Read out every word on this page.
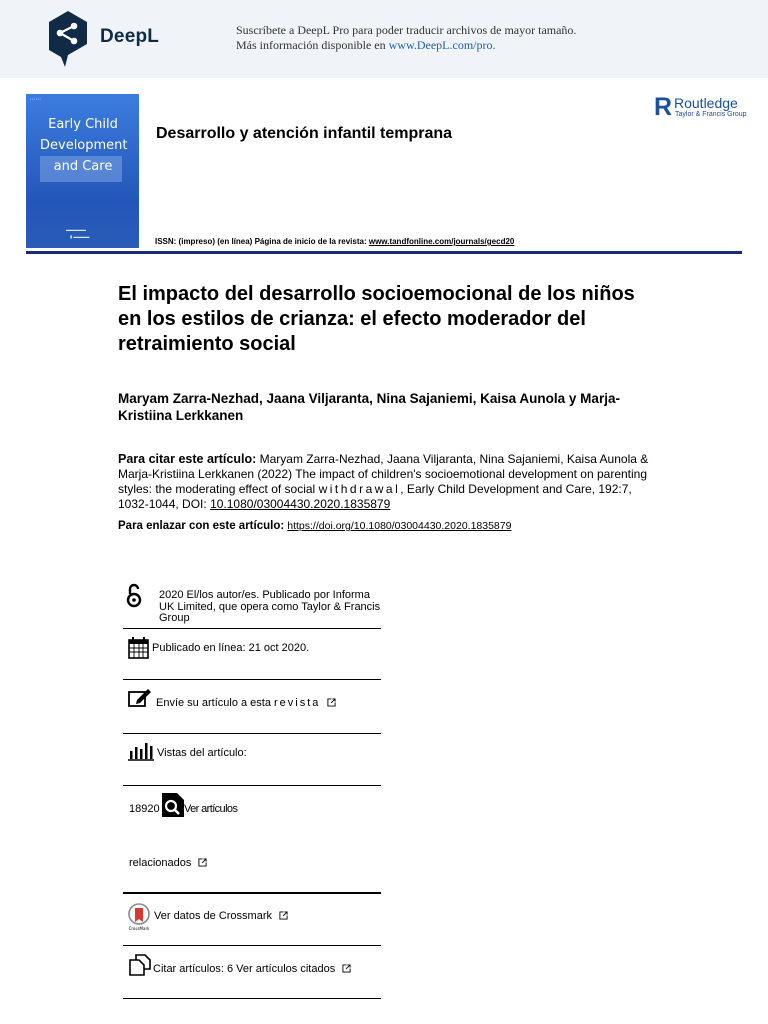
DeepL	Suscríbete a DeepL Pro para poder traducir archivos de mayor tamaño.
Más información disponible en www.DeepL.com/pro.
▪ ▪ ▪ ▪ ▪ ▪
Early Child
Development
and Care
▬▬▬▬▬
▮ ▬▬▬▬
Desarrollo y atención infantil temprana
R Routledge
Taylor & Francis Group
ISSN: (impreso) (en línea) Página de inicio de la revista: www.tandfonline.com/journals/gecd20
El impacto del desarrollo socioemocional de los niños en los estilos de crianza: el efecto moderador del retraimiento social
Maryam Zarra-Nezhad, Jaana Viljaranta, Nina Sajaniemi, Kaisa Aunola y Marja-Kristiina Lerkkanen
Para citar este artículo: Maryam Zarra-Nezhad, Jaana Viljaranta, Nina Sajaniemi, Kaisa Aunola & Marja-Kristiina Lerkkanen (2022) The impact of children's socioemotional development on parenting styles: the moderating effect of social withdrawal, Early Child Development and Care, 192:7, 1032-1044, DOI: 10.1080/03004430.2020.1835879
Para enlazar con este artículo: https://doi.org/10.1080/03004430.2020.1835879
2020 El/los autor/es. Publicado por Informa UK Limited, que opera como Taylor & Francis Group
Publicado en línea: 21 oct 2020.
Envíe su artículo a esta revista
Vistas del artículo:
18920 Ver artículos
relacionados
CrossMark
Ver datos de Crossmark
Citar artículos: 6 Ver artículos citados
